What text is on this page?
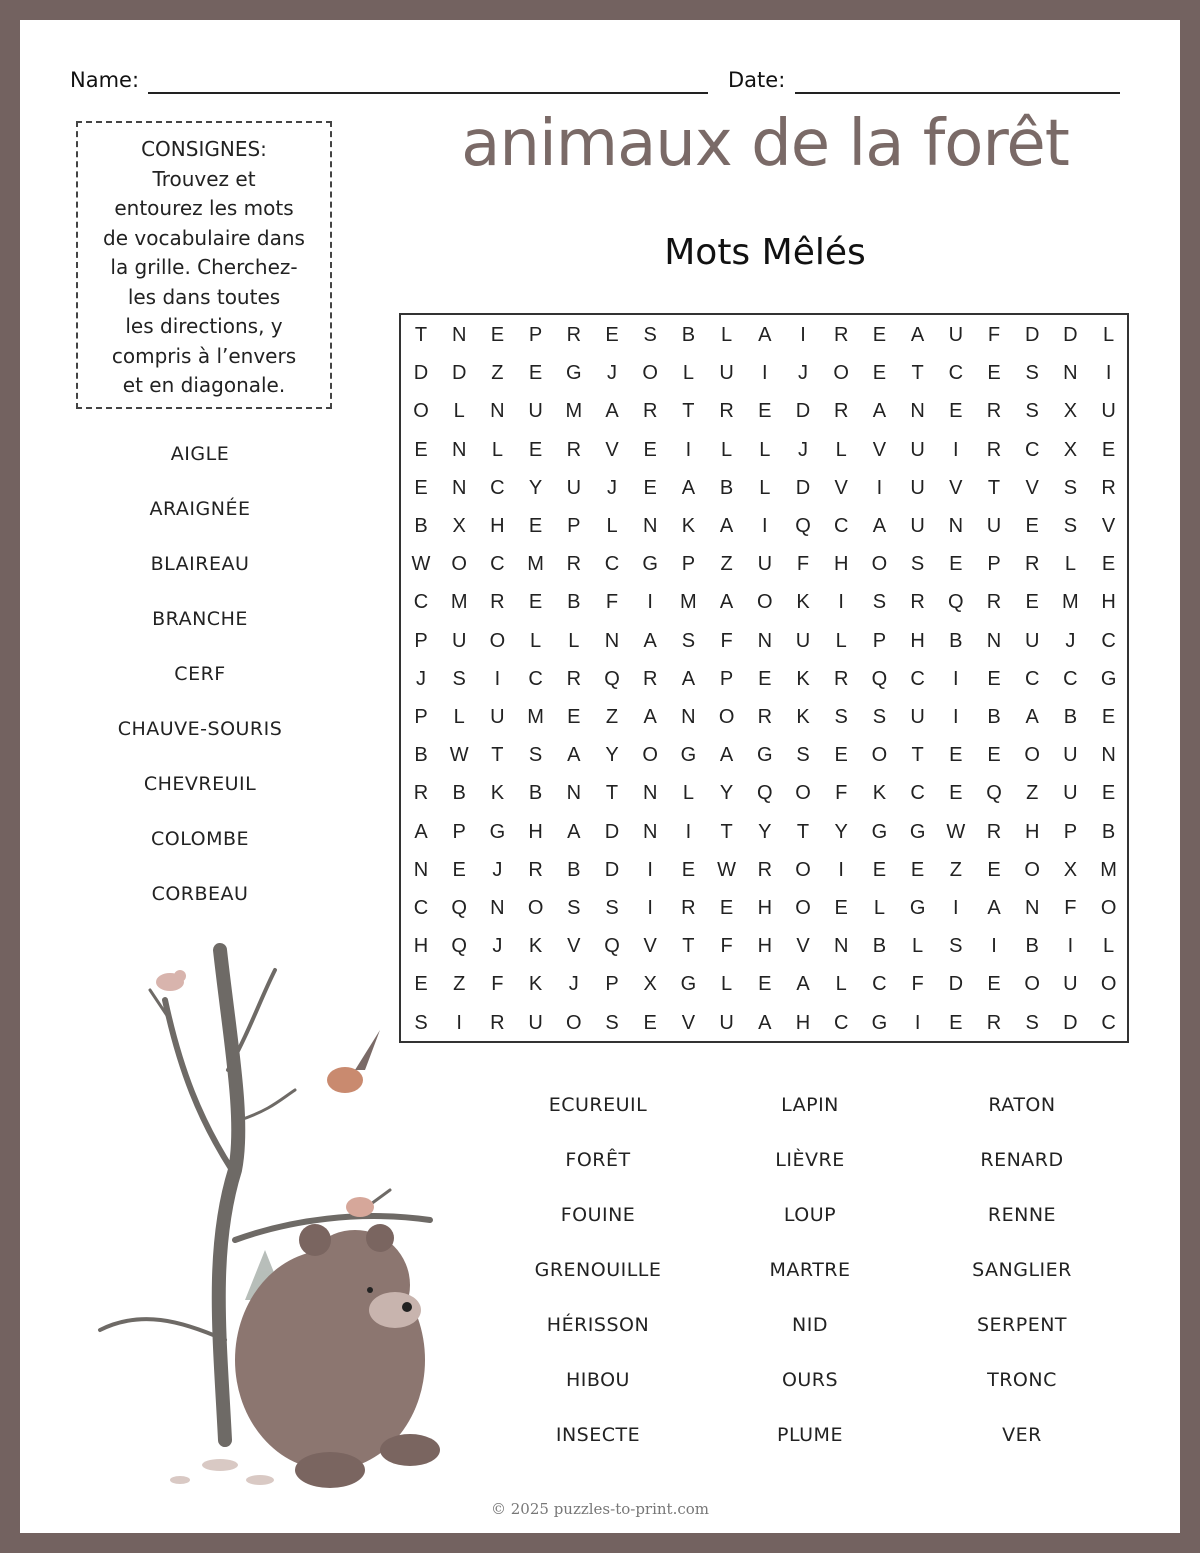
Name:	Date:
CONSIGNES:
Trouvez et
entourez les mots
de vocabulaire dans
la grille. Cherchez-
les dans toutes
les directions, y
compris à l’envers
et en diagonale.
animaux de la forêt
Mots Mêlés
T	N	E	P	R	E	S	B	L	A	I	R	E	A	U	F	D	D	L
D	D	Z	E	G	J	O	L	U	I	J	O	E	T	C	E	S	N	I
O	L	N	U	M	A	R	T	R	E	D	R	A	N	E	R	S	X	U
E	N	L	E	R	V	E	I	L	L	J	L	V	U	I	R	C	X	E
E	N	C	Y	U	J	E	A	B	L	D	V	I	U	V	T	V	S	R
B	X	H	E	P	L	N	K	A	I	Q	C	A	U	N	U	E	S	V
W	O	C	M	R	C	G	P	Z	U	F	H	O	S	E	P	R	L	E
C	M	R	E	B	F	I	M	A	O	K	I	S	R	Q	R	E	M	H
P	U	O	L	L	N	A	S	F	N	U	L	P	H	B	N	U	J	C
J	S	I	C	R	Q	R	A	P	E	K	R	Q	C	I	E	C	C	G
P	L	U	M	E	Z	A	N	O	R	K	S	S	U	I	B	A	B	E
B	W	T	S	A	Y	O	G	A	G	S	E	O	T	E	E	O	U	N
R	B	K	B	N	T	N	L	Y	Q	O	F	K	C	E	Q	Z	U	E
A	P	G	H	A	D	N	I	T	Y	T	Y	G	G	W	R	H	P	B
N	E	J	R	B	D	I	E	W	R	O	I	E	E	Z	E	O	X	M
C	Q	N	O	S	S	I	R	E	H	O	E	L	G	I	A	N	F	O
H	Q	J	K	V	Q	V	T	F	H	V	N	B	L	S	I	B	I	L
E	Z	F	K	J	P	X	G	L	E	A	L	C	F	D	E	O	U	O
S	I	R	U	O	S	E	V	U	A	H	C	G	I	E	R	S	D	C
AIGLE
ARAIGNÉE
BLAIREAU
BRANCHE
CERF
CHAUVE-SOURIS
CHEVREUIL
COLOMBE
CORBEAU
ECUREUIL
FORÊT
FOUINE
GRENOUILLE
HÉRISSON
HIBOU
INSECTE
LAPIN
LIÈVRE
LOUP
MARTRE
NID
OURS
PLUME
RATON
RENARD
RENNE
SANGLIER
SERPENT
TRONC
VER
© 2025 puzzles-to-print.com
